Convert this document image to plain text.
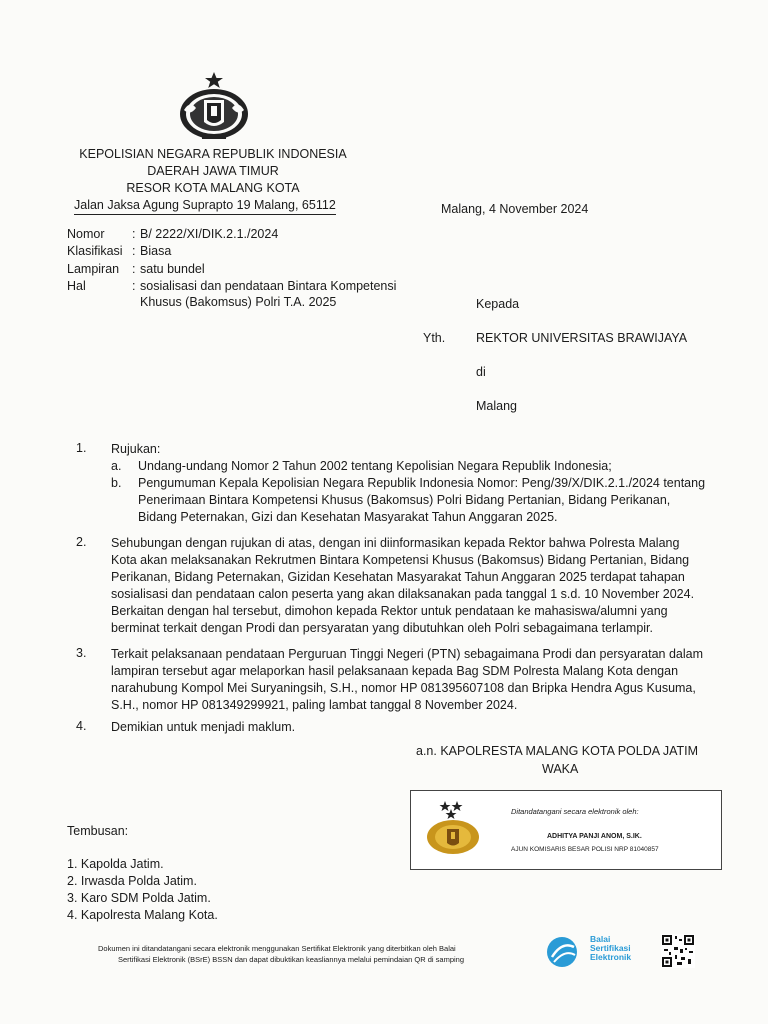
KEPOLISIAN NEGARA REPUBLIK INDONESIA
DAERAH JAWA TIMUR
RESOR KOTA MALANG KOTA
Jalan Jaksa Agung Suprapto 19 Malang, 65112	Malang, 4 November 2024
Nomor : B/ 2222/XI/DIK.2.1./2024
Klasifikasi : Biasa
Lampiran : satu bundel
Hal	: sosialisasi dan pendataan Bintara Kompetensi
Khusus (Bakomsus) Polri T.A. 2025	Kepada
Yth. REKTOR UNIVERSITAS BRAWIJAYA
di
Malang
1. Rujukan:
a. Undang-undang Nomor 2 Tahun 2002 tentang Kepolisian Negara Republik Indonesia;
b. Pengumuman Kepala Kepolisian Negara Republik Indonesia Nomor: Peng/39/X/DIK.2.1./2024 tentang
Penerimaan Bintara Kompetensi Khusus (Bakomsus) Polri Bidang Pertanian, Bidang Perikanan,
Bidang Peternakan, Gizi dan Kesehatan Masyarakat Tahun Anggaran 2025.
2. Sehubungan dengan rujukan di atas, dengan ini diinformasikan kepada Rektor bahwa Polresta Malang
Kota akan melaksanakan Rekrutmen Bintara Kompetensi Khusus (Bakomsus) Bidang Pertanian, Bidang
Perikanan, Bidang Peternakan, Gizidan Kesehatan Masyarakat Tahun Anggaran 2025 terdapat tahapan
sosialisasi dan pendataan calon peserta yang akan dilaksanakan pada tanggal 1 s.d. 10 November 2024.
Berkaitan dengan hal tersebut, dimohon kepada Rektor untuk pendataan ke mahasiswa/alumni yang
berminat terkait dengan Prodi dan persyaratan yang dibutuhkan oleh Polri sebagaimana terlampir.
3. Terkait pelaksanaan pendataan Perguruan Tinggi Negeri (PTN) sebagaimana Prodi dan persyaratan dalam
lampiran tersebut agar melaporkan hasil pelaksanaan kepada Bag SDM Polresta Malang Kota dengan
narahubung Kompol Mei Suryaningsih, S.H., nomor HP 081395607108 dan Bripka Hendra Agus Kusuma,
S.H., nomor HP 081349299921, paling lambat tanggal 8 November 2024.
4. Demikian untuk menjadi maklum.
a.n. KAPOLRESTA MALANG KOTA POLDA JATIM
WAKA
Ditandatangani secara elektronik oleh:
ADHITYA PANJI ANOM, S.IK.
AJUN KOMISARIS BESAR POLISI NRP 81040857
Tembusan:
1. Kapolda Jatim.
2. Irwasda Polda Jatim.
3. Karo SDM Polda Jatim.
4. Kapolresta Malang Kota.
Dokumen ini ditandatangani secara elektronik menggunakan Sertifikat Elektronik yang diterbitkan oleh Balai
Sertifikasi Elektronik (BSrE) BSSN dan dapat dibuktikan keasliannya melalui pemindaian QR di samping
Balai
Sertifikasi
Elektronik
